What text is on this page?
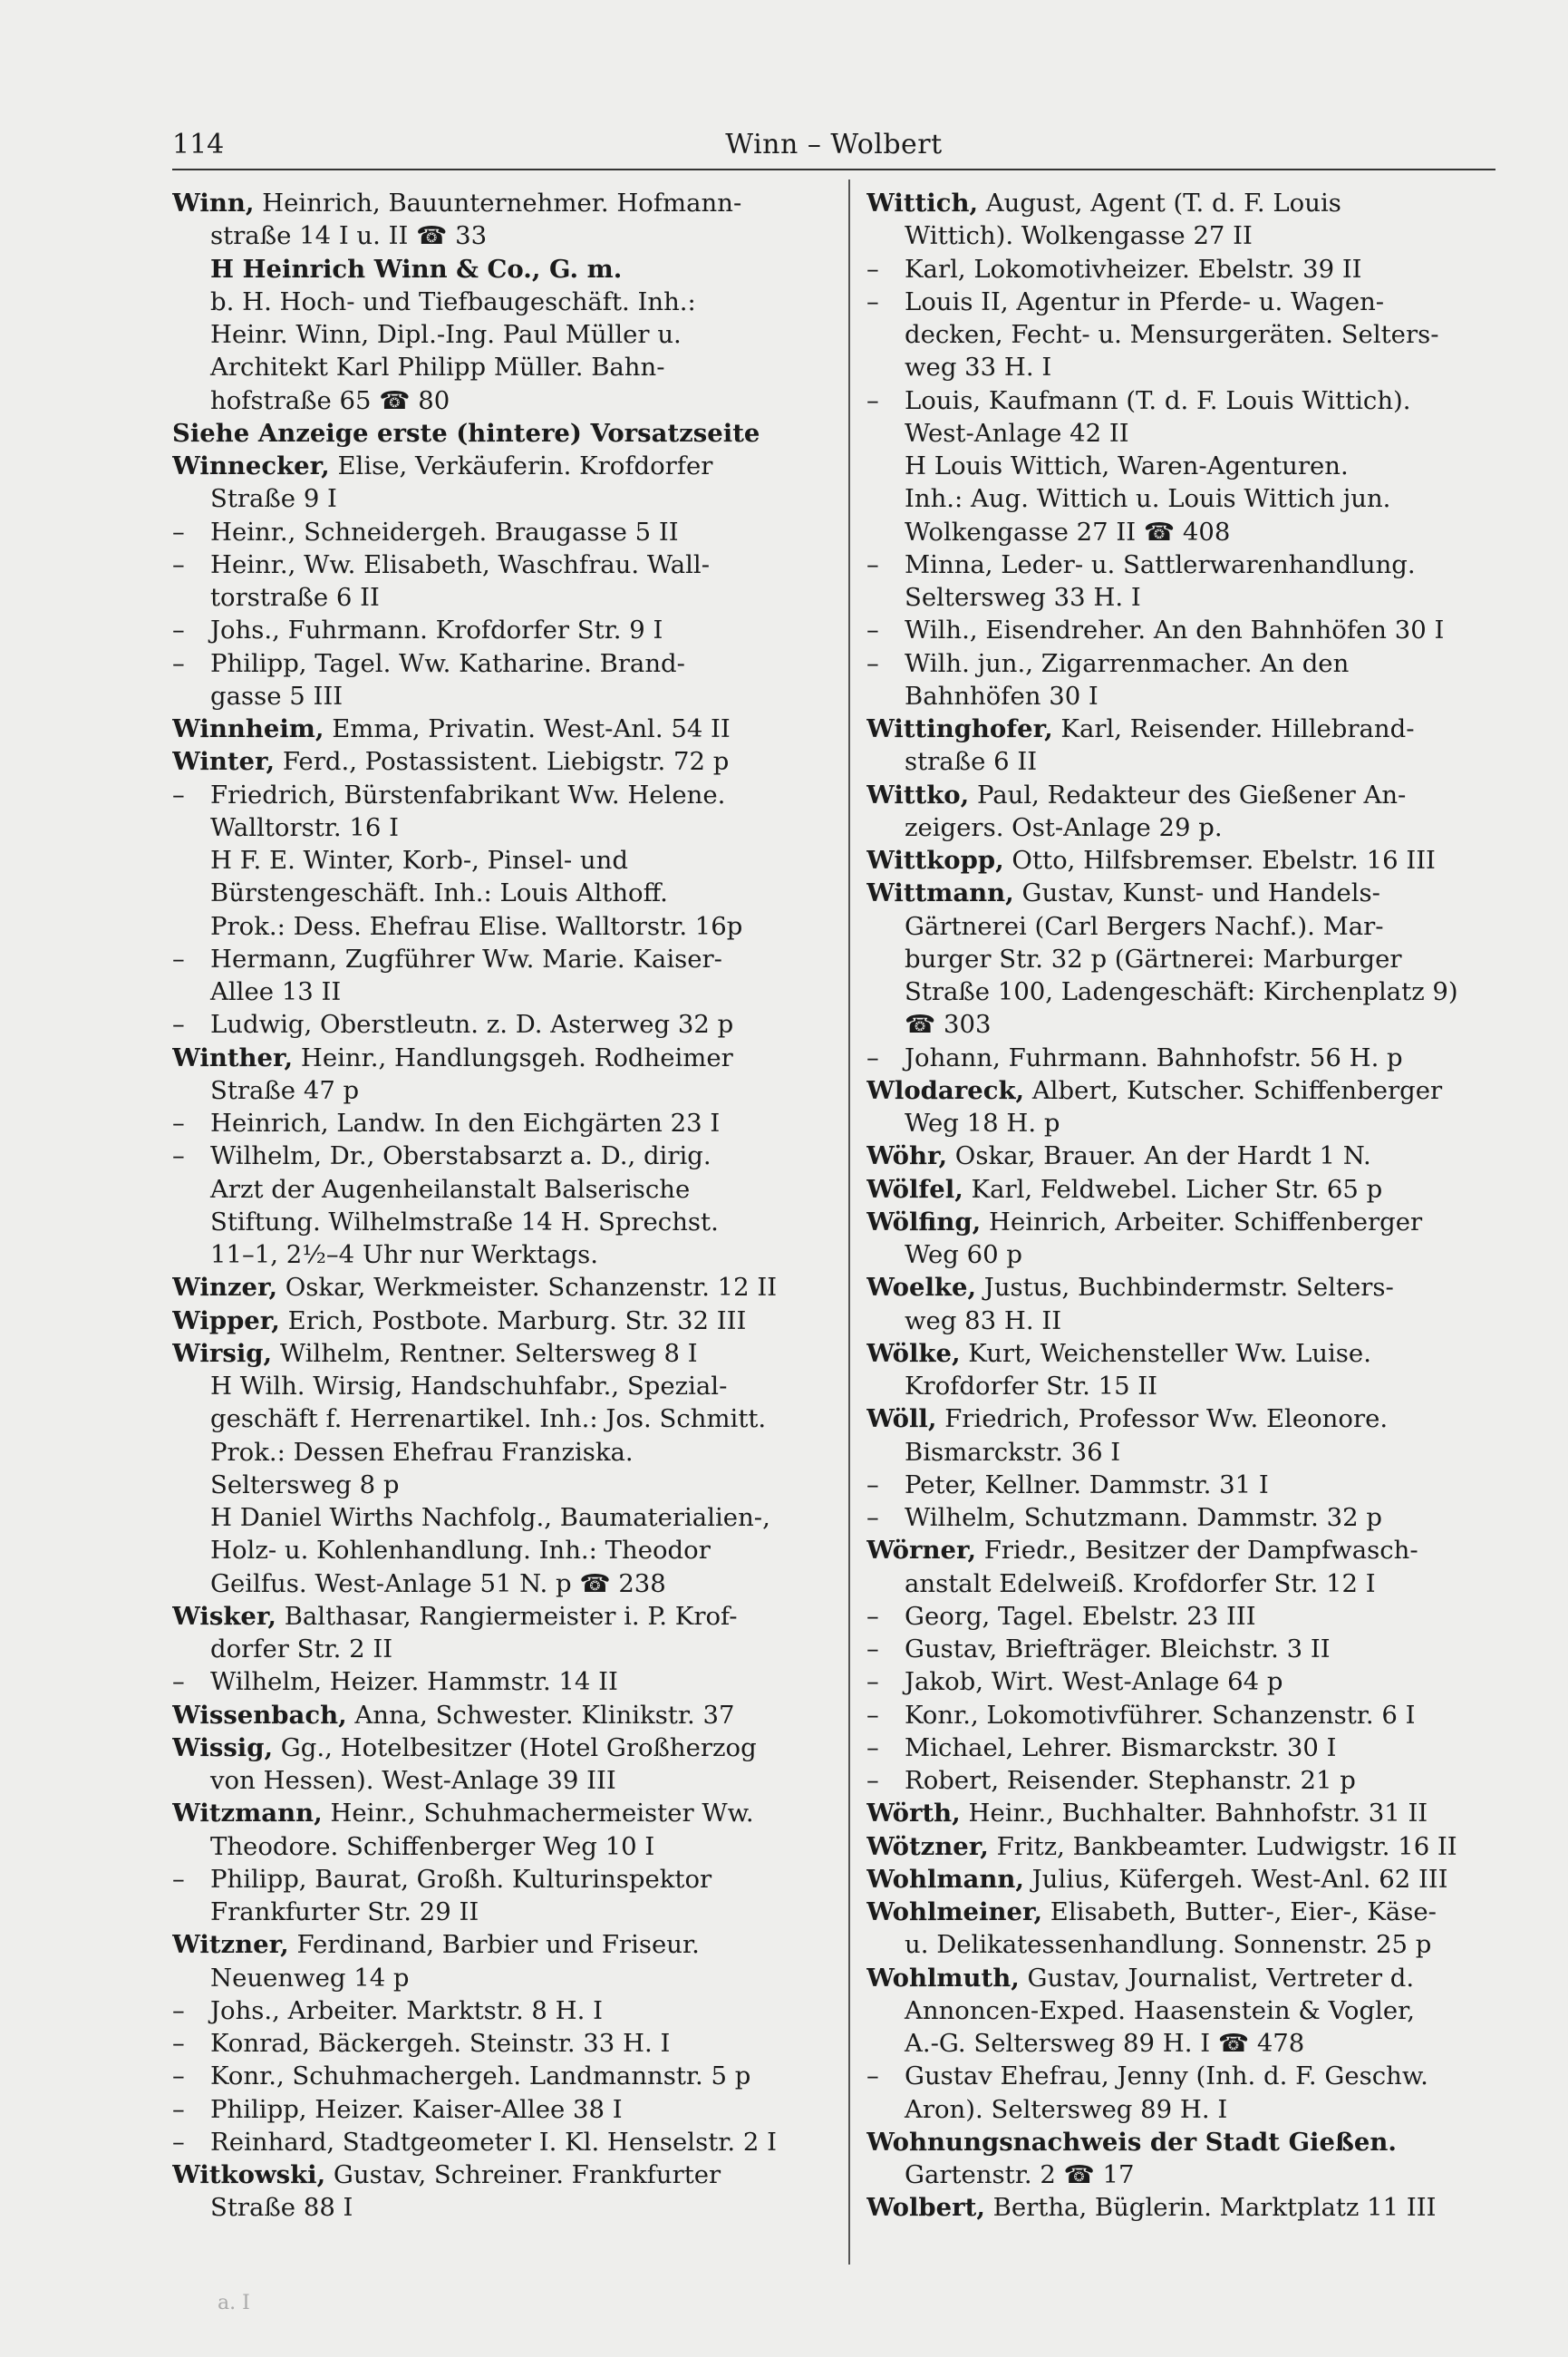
114	Winn – Wolbert
Winn, Heinrich, Bauunternehmer. Hofmann-
straße 14 I u. II ☎ 33
H Heinrich Winn & Co., G. m.
b. H. Hoch- und Tiefbaugeschäft. Inh.:
Heinr. Winn, Dipl.-Ing. Paul Müller u.
Architekt Karl Philipp Müller. Bahn-
hofstraße 65 ☎ 80
Siehe Anzeige erste (hintere) Vorsatzseite
Winnecker, Elise, Verkäuferin. Krofdorfer
Straße 9 I
– Heinr., Schneidergeh. Braugasse 5 II
– Heinr., Ww. Elisabeth, Waschfrau. Wall-
torstraße 6 II
– Johs., Fuhrmann. Krofdorfer Str. 9 I
– Philipp, Tagel. Ww. Katharine. Brand-
gasse 5 III
Winnheim, Emma, Privatin. West-Anl. 54 II
Winter, Ferd., Postassistent. Liebigstr. 72 p
– Friedrich, Bürstenfabrikant Ww. Helene.
Walltorstr. 16 I
H F. E. Winter, Korb-, Pinsel- und
Bürstengeschäft. Inh.: Louis Althoff.
Prok.: Dess. Ehefrau Elise. Walltorstr. 16p
– Hermann, Zugführer Ww. Marie. Kaiser-
Allee 13 II
– Ludwig, Oberstleutn. z. D. Asterweg 32 p
Winther, Heinr., Handlungsgeh. Rodheimer
Straße 47 p
– Heinrich, Landw. In den Eichgärten 23 I
– Wilhelm, Dr., Oberstabsarzt a. D., dirig.
Arzt der Augenheilanstalt Balserische
Stiftung. Wilhelmstraße 14 H. Sprechst.
11–1, 2½–4 Uhr nur Werktags.
Winzer, Oskar, Werkmeister. Schanzenstr. 12 II
Wipper, Erich, Postbote. Marburg. Str. 32 III
Wirsig, Wilhelm, Rentner. Seltersweg 8 I
H Wilh. Wirsig, Handschuhfabr., Spezial-
geschäft f. Herrenartikel. Inh.: Jos. Schmitt.
Prok.: Dessen Ehefrau Franziska.
Seltersweg 8 p
H Daniel Wirths Nachfolg., Baumaterialien-,
Holz- u. Kohlenhandlung. Inh.: Theodor
Geilfus. West-Anlage 51 N. p ☎ 238
Wisker, Balthasar, Rangiermeister i. P. Krof-
dorfer Str. 2 II
– Wilhelm, Heizer. Hammstr. 14 II
Wissenbach, Anna, Schwester. Klinikstr. 37
Wissig, Gg., Hotelbesitzer (Hotel Großherzog
von Hessen). West-Anlage 39 III
Witzmann, Heinr., Schuhmachermeister Ww.
Theodore. Schiffenberger Weg 10 I
– Philipp, Baurat, Großh. Kulturinspektor
Frankfurter Str. 29 II
Witzner, Ferdinand, Barbier und Friseur.
Neuenweg 14 p
– Johs., Arbeiter. Marktstr. 8 H. I
– Konrad, Bäckergeh. Steinstr. 33 H. I
– Konr., Schuhmachergeh. Landmannstr. 5 p
– Philipp, Heizer. Kaiser-Allee 38 I
– Reinhard, Stadtgeometer I. Kl. Henselstr. 2 I
Witkowski, Gustav, Schreiner. Frankfurter
Straße 88 I
Wittich, August, Agent (T. d. F. Louis
Wittich). Wolkengasse 27 II
– Karl, Lokomotivheizer. Ebelstr. 39 II
– Louis II, Agentur in Pferde- u. Wagen-
decken, Fecht- u. Mensurgeräten. Selters-
weg 33 H. I
– Louis, Kaufmann (T. d. F. Louis Wittich).
West-Anlage 42 II
H Louis Wittich, Waren-Agenturen.
Inh.: Aug. Wittich u. Louis Wittich jun.
Wolkengasse 27 II ☎ 408
– Minna, Leder- u. Sattlerwarenhandlung.
Seltersweg 33 H. I
– Wilh., Eisendreher. An den Bahnhöfen 30 I
– Wilh. jun., Zigarrenmacher. An den
Bahnhöfen 30 I
Wittinghofer, Karl, Reisender. Hillebrand-
straße 6 II
Wittko, Paul, Redakteur des Gießener An-
zeigers. Ost-Anlage 29 p.
Wittkopp, Otto, Hilfsbremser. Ebelstr. 16 III
Wittmann, Gustav, Kunst- und Handels-
Gärtnerei (Carl Bergers Nachf.). Mar-
burger Str. 32 p (Gärtnerei: Marburger
Straße 100, Ladengeschäft: Kirchenplatz 9)
☎ 303
– Johann, Fuhrmann. Bahnhofstr. 56 H. p
Wlodareck, Albert, Kutscher. Schiffenberger
Weg 18 H. p
Wöhr, Oskar, Brauer. An der Hardt 1 N.
Wölfel, Karl, Feldwebel. Licher Str. 65 p
Wölfing, Heinrich, Arbeiter. Schiffenberger
Weg 60 p
Woelke, Justus, Buchbindermstr. Selters-
weg 83 H. II
Wölke, Kurt, Weichensteller Ww. Luise.
Krofdorfer Str. 15 II
Wöll, Friedrich, Professor Ww. Eleonore.
Bismarckstr. 36 I
– Peter, Kellner. Dammstr. 31 I
– Wilhelm, Schutzmann. Dammstr. 32 p
Wörner, Friedr., Besitzer der Dampfwasch-
anstalt Edelweiß. Krofdorfer Str. 12 I
– Georg, Tagel. Ebelstr. 23 III
– Gustav, Briefträger. Bleichstr. 3 II
– Jakob, Wirt. West-Anlage 64 p
– Konr., Lokomotivführer. Schanzenstr. 6 I
– Michael, Lehrer. Bismarckstr. 30 I
– Robert, Reisender. Stephanstr. 21 p
Wörth, Heinr., Buchhalter. Bahnhofstr. 31 II
Wötzner, Fritz, Bankbeamter. Ludwigstr. 16 II
Wohlmann, Julius, Küfergeh. West-Anl. 62 III
Wohlmeiner, Elisabeth, Butter-, Eier-, Käse-
u. Delikatessenhandlung. Sonnenstr. 25 p
Wohlmuth, Gustav, Journalist, Vertreter d.
Annoncen-Exped. Haasenstein & Vogler,
A.-G. Seltersweg 89 H. I ☎ 478
– Gustav Ehefrau, Jenny (Inh. d. F. Geschw.
Aron). Seltersweg 89 H. I
Wohnungsnachweis der Stadt Gießen.
Gartenstr. 2 ☎ 17
Wolbert, Bertha, Büglerin. Marktplatz 11 III
a. I
